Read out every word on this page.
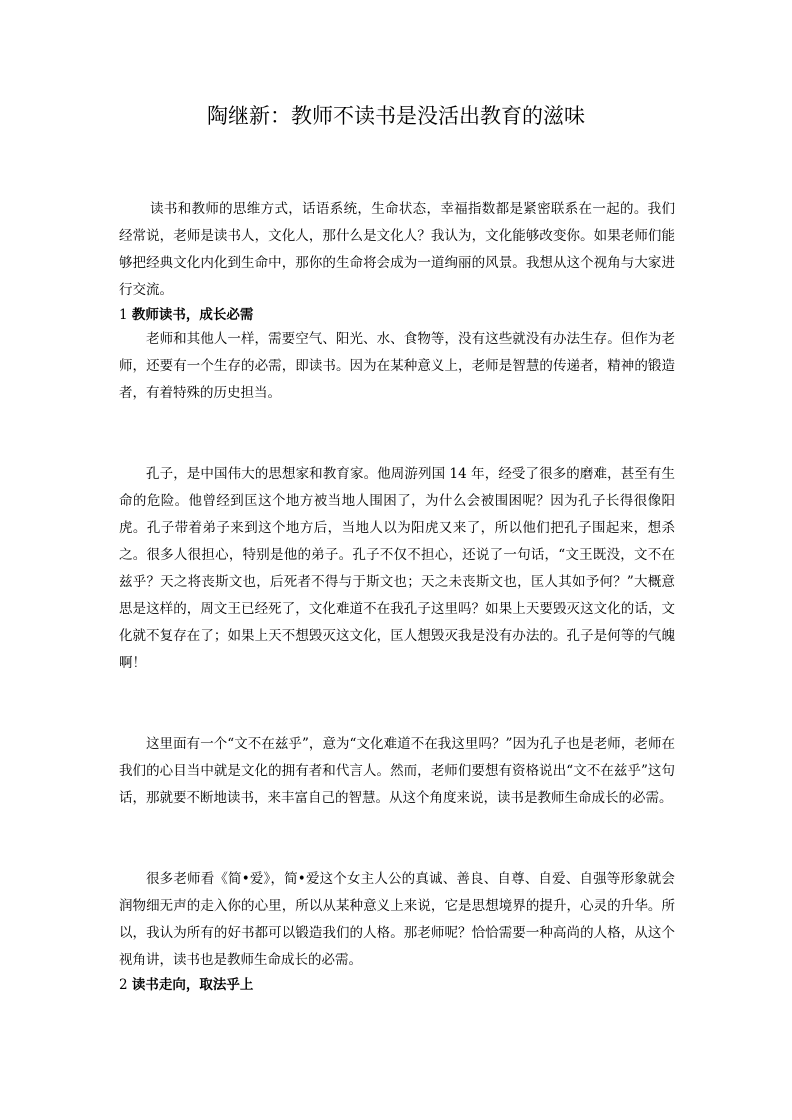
陶继新：教师不读书是没活出教育的滋味

读书和教师的思维方式，话语系统，生命状态，幸福指数都是紧密联系在一起的。我们经常说，老师是读书人，文化人，那什么是文化人？我认为，文化能够改变你。如果老师们能够把经典文化内化到生命中，那你的生命将会成为一道绚丽的风景。我想从这个视角与大家进行交流。

1 教师读书，成长必需

老师和其他人一样，需要空气、阳光、水、食物等，没有这些就没有办法生存。但作为老师，还要有一个生存的必需，即读书。因为在某种意义上，老师是智慧的传递者，精神的锻造者，有着特殊的历史担当。

孔子，是中国伟大的思想家和教育家。他周游列国 14 年，经受了很多的磨难，甚至有生命的危险。他曾经到匡这个地方被当地人围困了，为什么会被围困呢？因为孔子长得很像阳虎。孔子带着弟子来到这个地方后，当地人以为阳虎又来了，所以他们把孔子围起来，想杀之。很多人很担心，特别是他的弟子。孔子不仅不担心，还说了一句话，“文王既没，文不在兹乎？天之将丧斯文也，后死者不得与于斯文也；天之未丧斯文也，匡人其如予何？”大概意思是这样的，周文王已经死了，文化难道不在我孔子这里吗？如果上天要毁灭这文化的话，文化就不复存在了；如果上天不想毁灭这文化，匡人想毁灭我是没有办法的。孔子是何等的气魄啊！

这里面有一个“文不在兹乎”，意为“文化难道不在我这里吗？”因为孔子也是老师，老师在我们的心目当中就是文化的拥有者和代言人。然而，老师们要想有资格说出“文不在兹乎”这句话，那就要不断地读书，来丰富自己的智慧。从这个角度来说，读书是教师生命成长的必需。

很多老师看《简•爱》，简•爱这个女主人公的真诚、善良、自尊、自爱、自强等形象就会润物细无声的走入你的心里，所以从某种意义上来说，它是思想境界的提升，心灵的升华。所以，我认为所有的好书都可以锻造我们的人格。那老师呢？恰恰需要一种高尚的人格，从这个视角讲，读书也是教师生命成长的必需。

2 读书走向，取法乎上
